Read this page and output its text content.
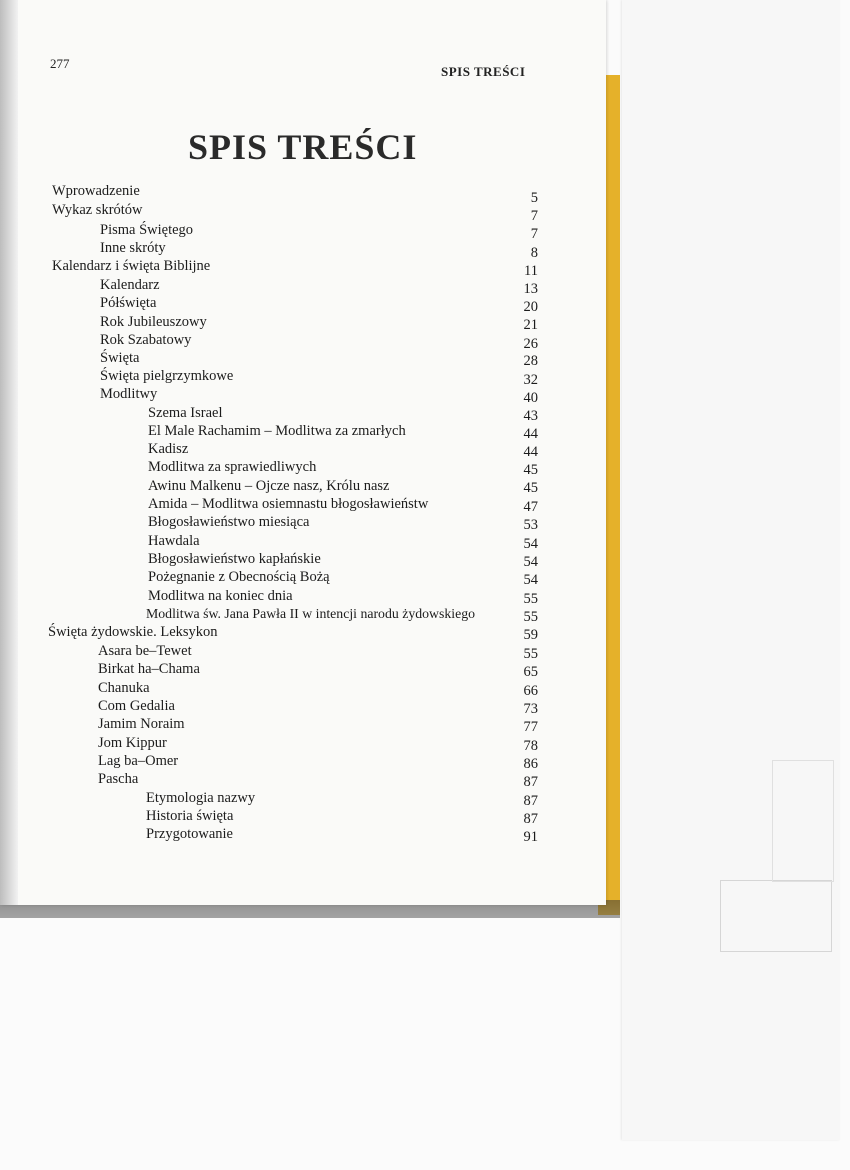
277
SPIS TREŚCI
SPIS TREŚCI
Wprowadzenie	5
Wykaz skrótów	7
Pisma Świętego	7
Inne skróty	8
Kalendarz i święta Biblijne	11
Kalendarz	13
Półświęta	20
Rok Jubileuszowy	21
Rok Szabatowy	26
Święta	28
Święta pielgrzymkowe	32
Modlitwy	40
Szema Israel	43
El Male Rachamim – Modlitwa za zmarłych	44
Kadisz	44
Modlitwa za sprawiedliwych	45
Awinu Malkenu – Ojcze nasz, Królu nasz	45
Amida – Modlitwa osiemnastu błogosławieństw	47
Błogosławieństwo miesiąca	53
Hawdala	54
Błogosławieństwo kapłańskie	54
Pożegnanie z Obecnością Bożą	54
Modlitwa na koniec dnia	55
Modlitwa św. Jana Pawła II w intencji narodu żydowskiego	55
Święta żydowskie. Leksykon	59
Asara be–Tewet	55
Birkat ha–Chama	65
Chanuka	66
Com Gedalia	73
Jamim Noraim	77
Jom Kippur	78
Lag ba–Omer	86
Pascha	87
Etymologia nazwy	87
Historia święta	87
Przygotowanie	91
